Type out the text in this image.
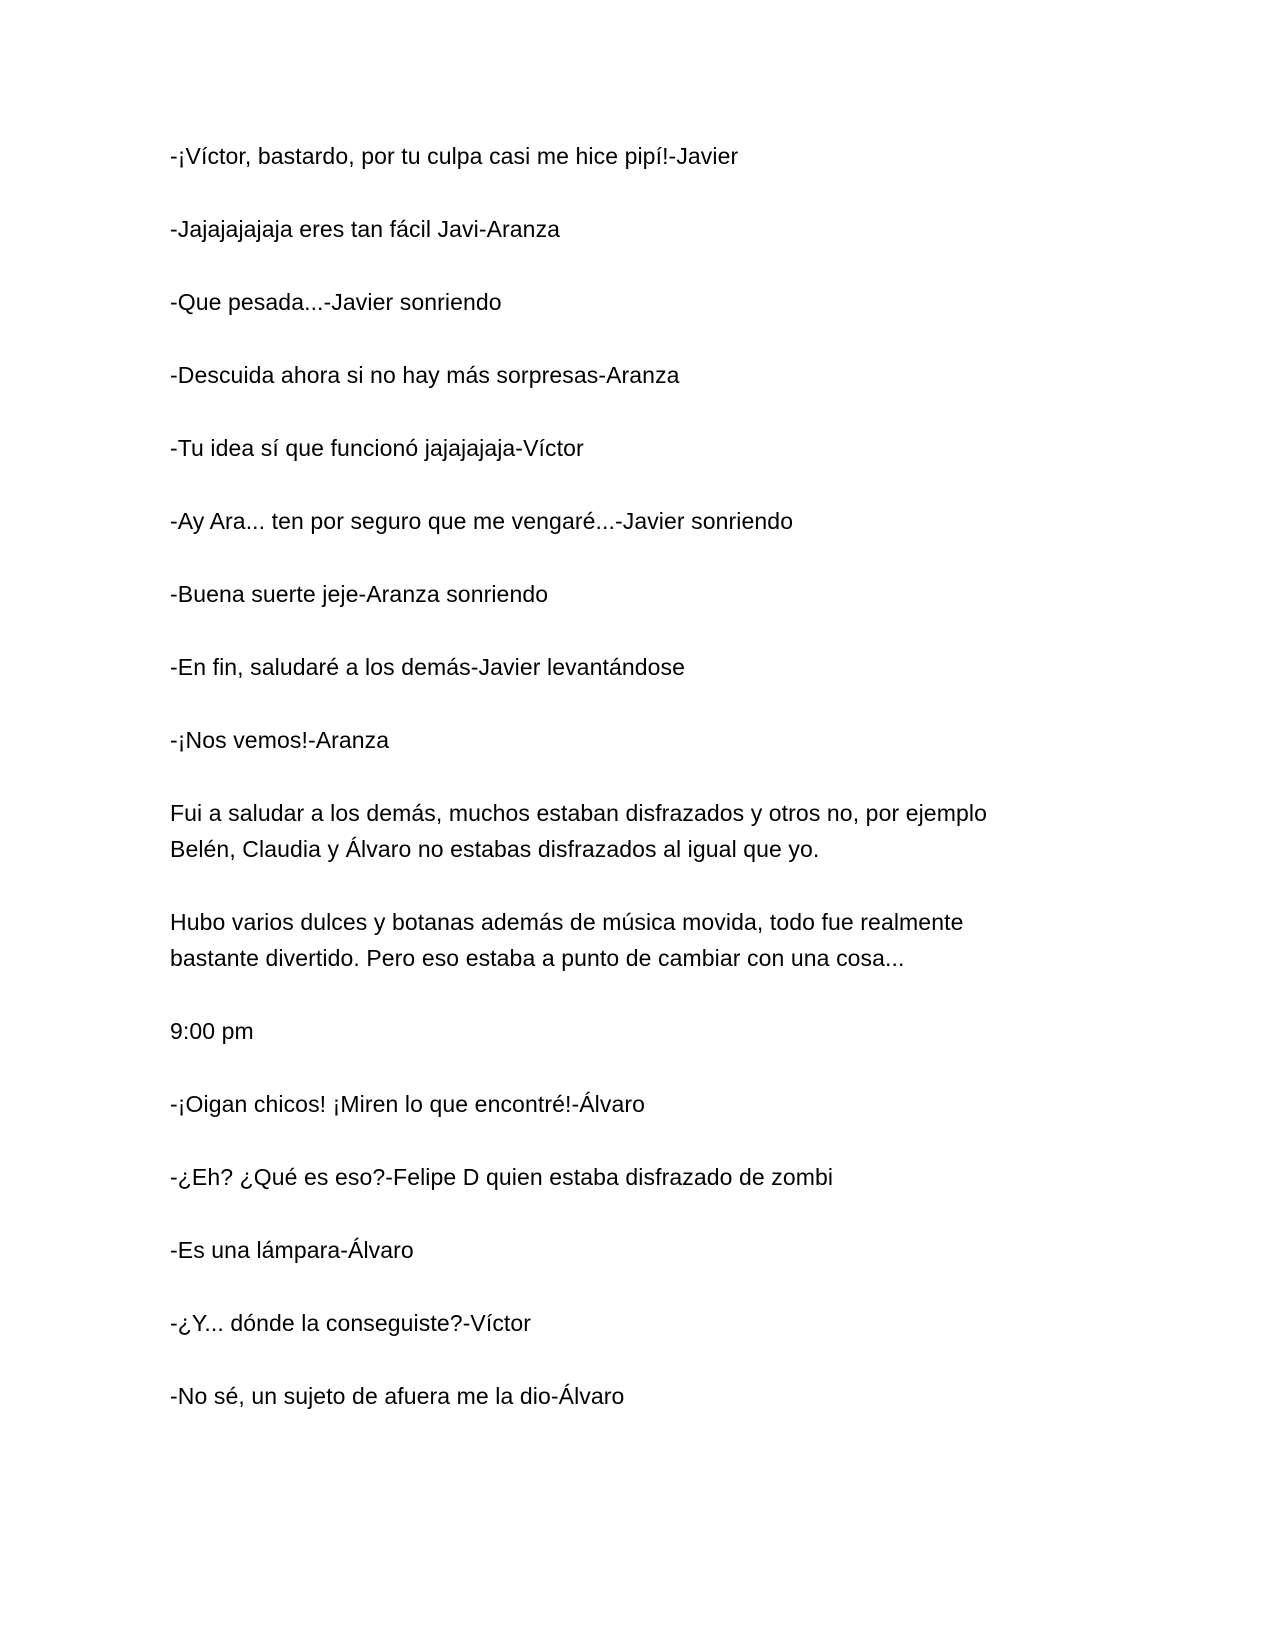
-¡Víctor, bastardo, por tu culpa casi me hice pipí!-Javier

-Jajajajajaja eres tan fácil Javi-Aranza

-Que pesada...-Javier sonriendo

-Descuida ahora si no hay más sorpresas-Aranza

-Tu idea sí que funcionó jajajajaja-Víctor

-Ay Ara... ten por seguro que me vengaré...-Javier sonriendo

-Buena suerte jeje-Aranza sonriendo

-En fin, saludaré a los demás-Javier levantándose

-¡Nos vemos!-Aranza

Fui a saludar a los demás, muchos estaban disfrazados y otros no, por ejemplo Belén, Claudia y Álvaro no estabas disfrazados al igual que yo.

Hubo varios dulces y botanas además de música movida, todo fue realmente bastante divertido. Pero eso estaba a punto de cambiar con una cosa...

9:00 pm

-¡Oigan chicos! ¡Miren lo que encontré!-Álvaro

-¿Eh? ¿Qué es eso?-Felipe D quien estaba disfrazado de zombi

-Es una lámpara-Álvaro

-¿Y... dónde la conseguiste?-Víctor

-No sé, un sujeto de afuera me la dio-Álvaro
